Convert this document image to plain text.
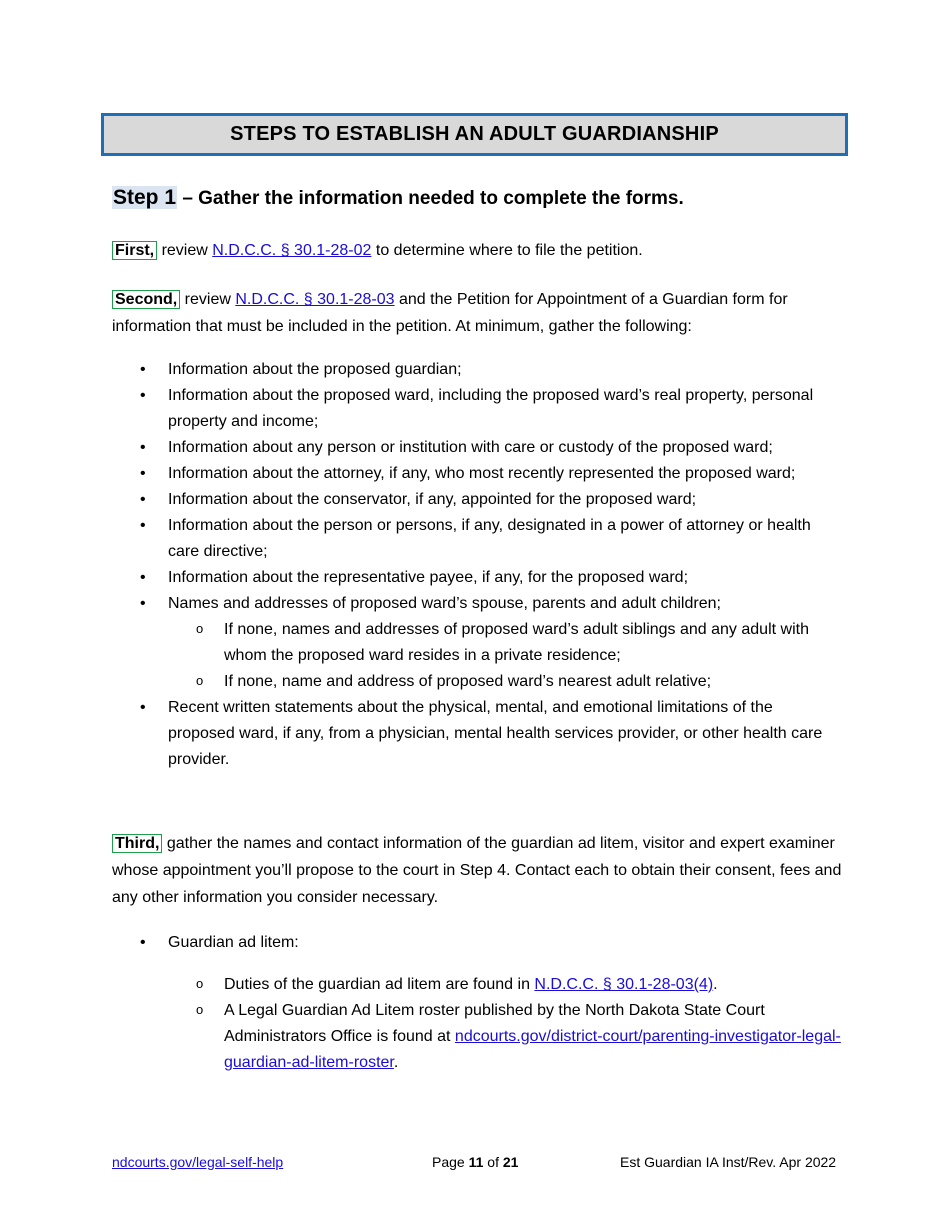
STEPS TO ESTABLISH AN ADULT GUARDIANSHIP
Step 1 – Gather the information needed to complete the forms.
First, review N.D.C.C. § 30.1-28-02 to determine where to file the petition.
Second, review N.D.C.C. § 30.1-28-03 and the Petition for Appointment of a Guardian form for information that must be included in the petition. At minimum, gather the following:
• Information about the proposed guardian;
• Information about the proposed ward, including the proposed ward’s real property, personal property and income;
• Information about any person or institution with care or custody of the proposed ward;
• Information about the attorney, if any, who most recently represented the proposed ward;
• Information about the conservator, if any, appointed for the proposed ward;
• Information about the person or persons, if any, designated in a power of attorney or health care directive;
• Information about the representative payee, if any, for the proposed ward;
• Names and addresses of proposed ward’s spouse, parents and adult children;
o If none, names and addresses of proposed ward’s adult siblings and any adult with whom the proposed ward resides in a private residence;
o If none, name and address of proposed ward’s nearest adult relative;
• Recent written statements about the physical, mental, and emotional limitations of the proposed ward, if any, from a physician, mental health services provider, or other health care provider.
Third, gather the names and contact information of the guardian ad litem, visitor and expert examiner whose appointment you’ll propose to the court in Step 4. Contact each to obtain their consent, fees and any other information you consider necessary.
• Guardian ad litem:
o Duties of the guardian ad litem are found in N.D.C.C. § 30.1-28-03(4).
o A Legal Guardian Ad Litem roster published by the North Dakota State Court Administrators Office is found at ndcourts.gov/district-court/parenting-investigator-legal-guardian-ad-litem-roster.
ndcourts.gov/legal-self-help	Page 11 of 21	Est Guardian IA Inst/Rev. Apr 2022
